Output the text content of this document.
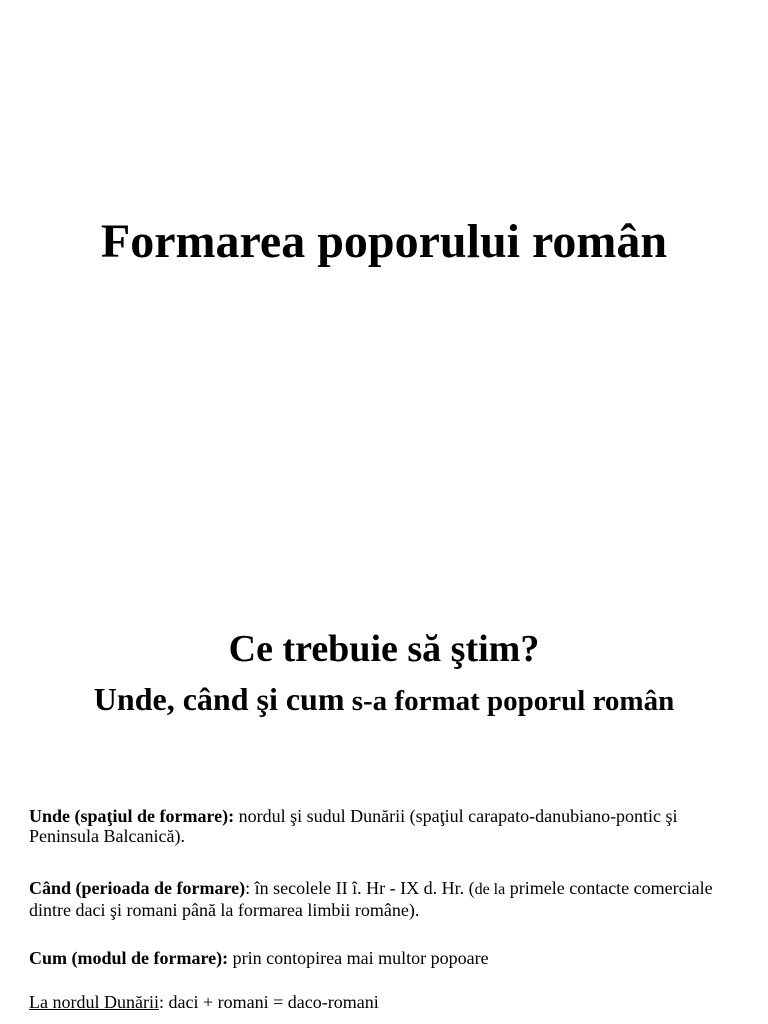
Formarea poporului român
Ce trebuie să ştim?
Unde, când şi cum s-a format poporul român
Unde (spaţiul de formare): nordul şi sudul Dunării (spaţiul carapato-danubiano-pontic şi Peninsula Balcanică).
Când (perioada de formare): în secolele II î. Hr - IX d. Hr. (de la primele contacte comerciale dintre daci şi romani până la formarea limbii române).
Cum (modul de formare): prin contopirea mai multor popoare
La nordul Dunării: daci + romani = daco-romani
